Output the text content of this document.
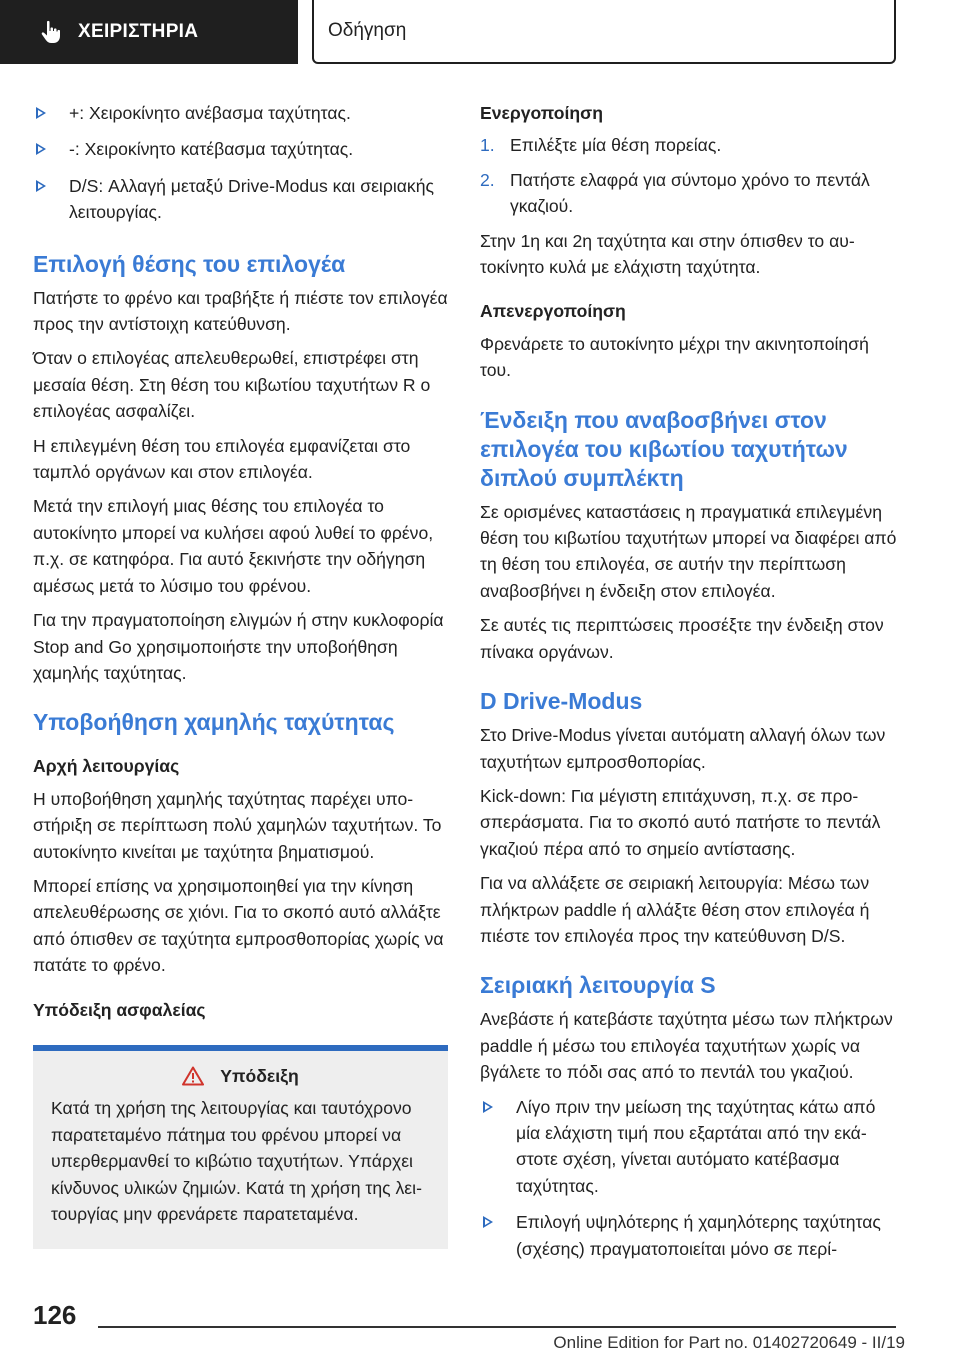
ΧΕΙΡΙΣΤΗΡΙΑ	Οδήγηση
+: Χειροκίνητο ανέβασμα ταχύτητας.
-: Χειροκίνητο κατέβασμα ταχύτητας.
D/S: Αλλαγή μεταξύ Drive-Modus και σειριακής λειτουργίας.
Επιλογή θέσης του επιλογέα

Πατήστε το φρένο και τραβήξτε ή πιέστε τον επιλογέα προς την αντίστοιχη κατεύθυνση.

Όταν ο επιλογέας απελευθερωθεί, επιστρέφει στη μεσαία θέση. Στη θέση του κιβωτίου ταχυτήτων R ο επιλογέας ασφαλίζει.

Η επιλεγμένη θέση του επιλογέα εμφανίζεται στο ταμπλό οργάνων και στον επιλογέα.

Μετά την επιλογή μιας θέσης του επιλογέα το αυτοκίνητο μπορεί να κυλήσει αφού λυθεί το φρένο, π.χ. σε κατηφόρα. Για αυτό ξεκινήστε την οδήγηση αμέσως μετά το λύσιμο του φρένου.

Για την πραγματοποίηση ελιγμών ή στην κυκλοφορία Stop and Go χρησιμοποιήστε την υποβοήθηση χαμηλής ταχύτητας.

Υποβοήθηση χαμηλής ταχύτητας
Αρχή λειτουργίας

Η υποβοήθηση χαμηλής ταχύτητας παρέχει υποστήριξη σε περίπτωση πολύ χαμηλών ταχυτήτων. Το αυτοκίνητο κινείται με ταχύτητα βηματισμού.

Μπορεί επίσης να χρησιμοποιηθεί για την κίνηση απελευθέρωσης σε χιόνι. Για το σκοπό αυτό αλλάξτε από όπισθεν σε ταχύτητα εμπροσθοπορίας χωρίς να πατάτε το φρένο.

Υπόδειξη ασφαλείας
Υπόδειξη
Κατά τη χρήση της λειτουργίας και ταυτόχρονο παρατεταμένο πάτημα του φρένου μπορεί να υπερθερμανθεί το κιβώτιο ταχυτήτων. Υπάρχει κίνδυνος υλικών ζημιών. Κατά τη χρήση της λειτουργίας μην φρενάρετε παρατεταμένα.
Ενεργοποίηση
1. Επιλέξτε μία θέση πορείας.
2. Πατήστε ελαφρά για σύντομο χρόνο το πεντάλ γκαζιού.

Στην 1η και 2η ταχύτητα και στην όπισθεν το αυτοκίνητο κυλά με ελάχιστη ταχύτητα.

Απενεργοποίηση

Φρενάρετε το αυτοκίνητο μέχρι την ακινητοποίησή του.

Ένδειξη που αναβοσβήνει στον επιλογέα του κιβωτίου ταχυτήτων διπλού συμπλέκτη

Σε ορισμένες καταστάσεις η πραγματικά επιλεγμένη θέση του κιβωτίου ταχυτήτων μπορεί να διαφέρει από τη θέση του επιλογέα, σε αυτήν την περίπτωση αναβοσβήνει η ένδειξη στον επιλογέα.

Σε αυτές τις περιπτώσεις προσέξτε την ένδειξη στον πίνακα οργάνων.

D Drive-Modus

Στο Drive-Modus γίνεται αυτόματη αλλαγή όλων των ταχυτήτων εμπροσθοπορίας.

Kick-down: Για μέγιστη επιτάχυνση, π.χ. σε προσπεράσματα. Για το σκοπό αυτό πατήστε το πεντάλ γκαζιού πέρα από το σημείο αντίστασης.

Για να αλλάξετε σε σειριακή λειτουργία: Μέσω των πλήκτρων paddle ή αλλάξτε θέση στον επιλογέα ή πιέστε τον επιλογέα προς την κατεύθυνση D/S.

Σειριακή λειτουργία S

Ανεβάστε ή κατεβάστε ταχύτητα μέσω των πλήκτρων paddle ή μέσω του επιλογέα ταχυτήτων χωρίς να βγάλετε το πόδι σας από το πεντάλ του γκαζιού.

Λίγο πριν την μείωση της ταχύτητας κάτω από μία ελάχιστη τιμή που εξαρτάται από την εκάστοτε σχέση, γίνεται αυτόματο κατέβασμα ταχύτητας.
Επιλογή υψηλότερης ή χαμηλότερης ταχύτητας (σχέσης) πραγματοποιείται μόνο σε περί-
126
Online Edition for Part no. 01402720649 - II/19
